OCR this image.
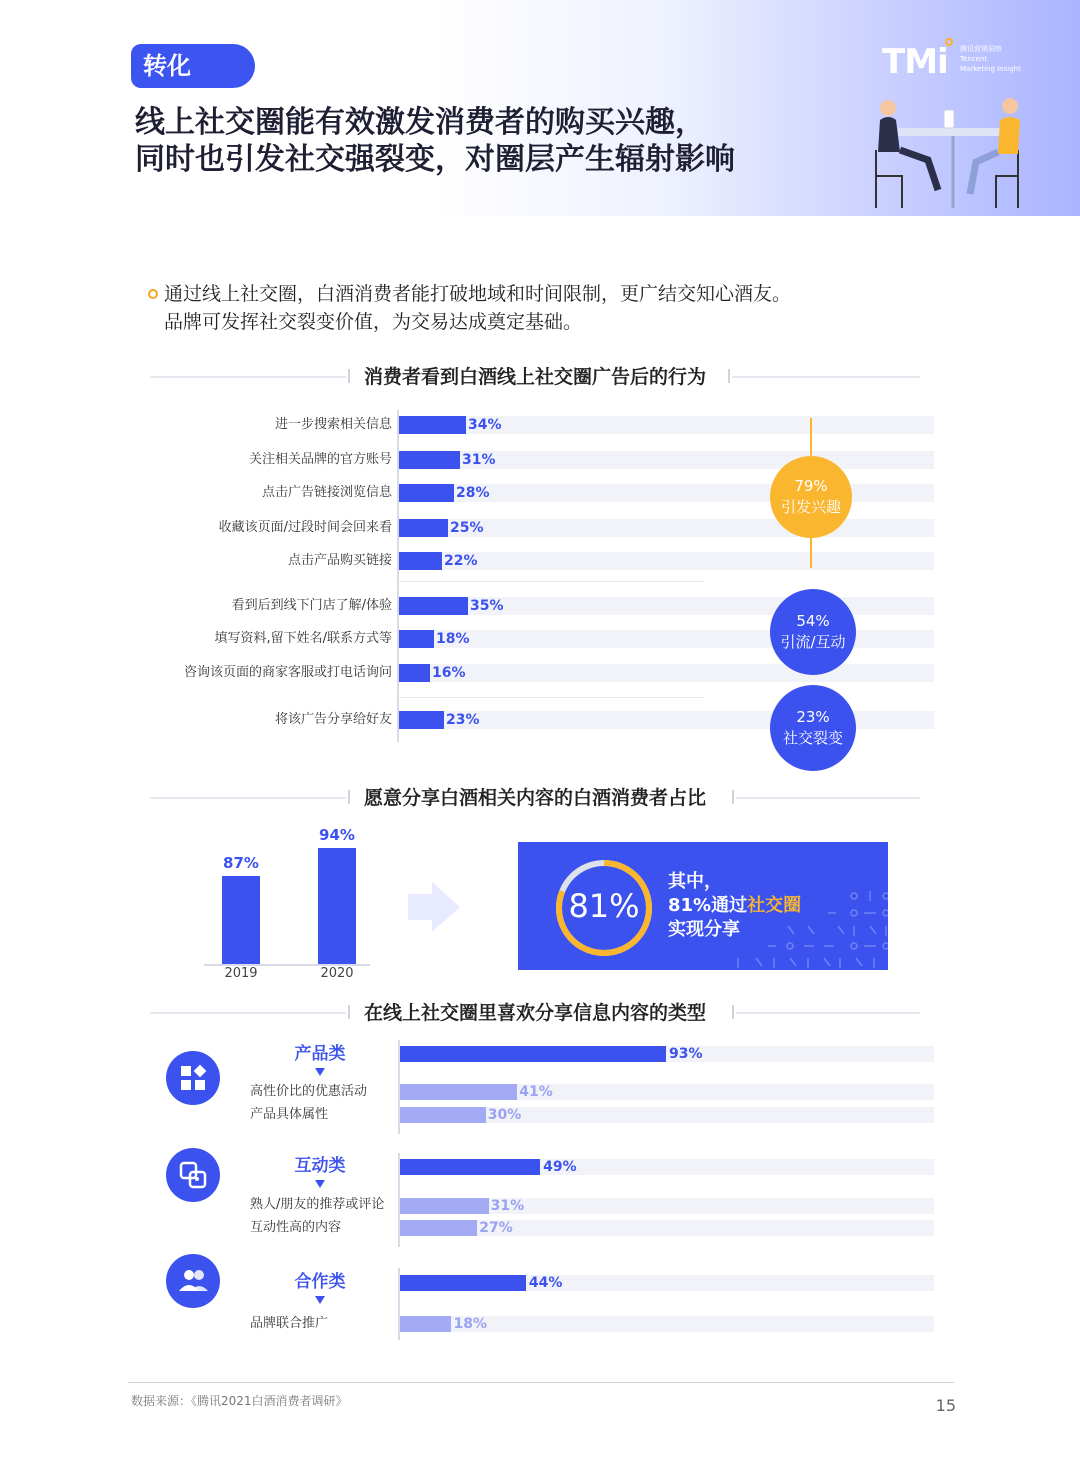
转化
线上社交圈能有效激发消费者的购买兴趣，
同时也引发社交强裂变，对圈层产生辐射影响
TMi 腾讯营销洞察
Tencent
Marketing Insight
通过线上社交圈，白酒消费者能打破地域和时间限制，更广结交知心酒友。
品牌可发挥社交裂变价值，为交易达成奠定基础。
消费者看到白酒线上社交圈广告后的行为
进一步搜索相关信息	34%
关注相关品牌的官方账号	31%
点击广告链接浏览信息	28%
收藏该页面/过段时间会回来看	25%
点击产品购买链接	22%
看到后到线下门店了解/体验	35%
填写资料,留下姓名/联系方式等	18%
咨询该页面的商家客服或打电话询问	16%
将该广告分享给好友	23%
79%
引发兴趣
54%
引流/互动
23%
社交裂变
愿意分享白酒相关内容的白酒消费者占比
87%
2019
94%
2020
81%
其中，
81%通过社交圈
实现分享
在线上社交圈里喜欢分享信息内容的类型
产品类	93%
高性价比的优惠活动	41%
产品具体属性	30%
互动类	49%
熟人/朋友的推荐或评论	31%
互动性高的内容	27%
合作类	44%
品牌联合推广	18%
数据来源：《腾讯2021白酒消费者调研》	15
